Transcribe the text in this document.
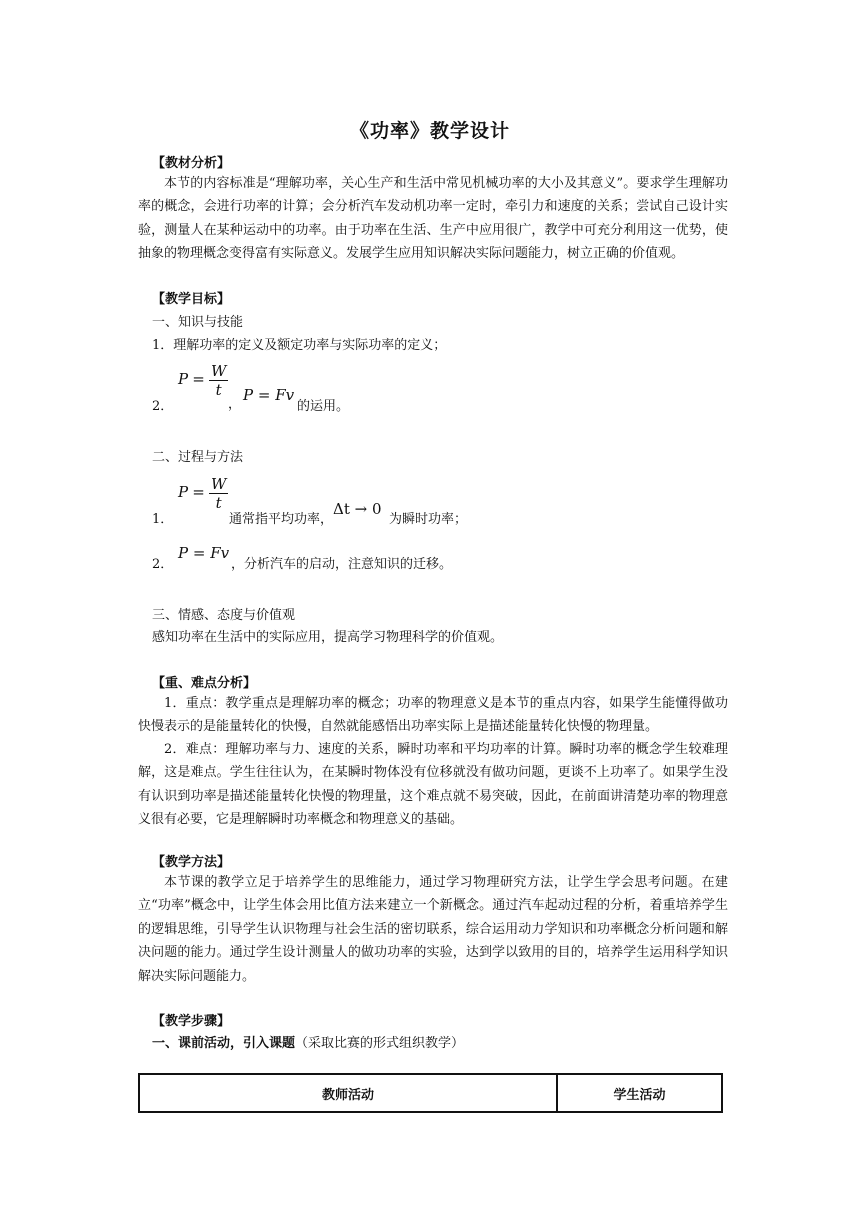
《功率》教学设计
【教材分析】
本节的内容标准是“理解功率，关心生产和生活中常见机械功率的大小及其意义”。要求学生理解功率的概念，会进行功率的计算；会分析汽车发动机功率一定时，牵引力和速度的关系；尝试自己设计实验，测量人在某种运动中的功率。由于功率在生活、生产中应用很广，教学中可充分利用这一优势，使抽象的物理概念变得富有实际意义。发展学生应用知识解决实际问题能力，树立正确的价值观。
【教学目标】
一、知识与技能
1．理解功率的定义及额定功率与实际功率的定义；
2．
$P = \frac{W}{t}$
，
P = Fv
的运用。
二、过程与方法
1．
$P = \frac{W}{t}$
通常指平均功率，
Δt → 0
为瞬时功率；
2．
P = Fv
，分析汽车的启动，注意知识的迁移。
三、情感、态度与价值观
感知功率在生活中的实际应用，提高学习物理科学的价值观。
【重、难点分析】
1．重点：教学重点是理解功率的概念；功率的物理意义是本节的重点内容，如果学生能懂得做功快慢表示的是能量转化的快慢，自然就能感悟出功率实际上是描述能量转化快慢的物理量。
2．难点：理解功率与力、速度的关系，瞬时功率和平均功率的计算。瞬时功率的概念学生较难理解，这是难点。学生往往认为，在某瞬时物体没有位移就没有做功问题，更谈不上功率了。如果学生没有认识到功率是描述能量转化快慢的物理量，这个难点就不易突破，因此，在前面讲清楚功率的物理意义很有必要，它是理解瞬时功率概念和物理意义的基础。
【教学方法】
本节课的教学立足于培养学生的思维能力，通过学习物理研究方法，让学生学会思考问题。在建立“功率”概念中，让学生体会用比值方法来建立一个新概念。通过汽车起动过程的分析，着重培养学生的逻辑思维，引导学生认识物理与社会生活的密切联系，综合运用动力学知识和功率概念分析问题和解决问题的能力。通过学生设计测量人的做功功率的实验，达到学以致用的目的，培养学生运用科学知识解决实际问题能力。
【教学步骤】
一、课前活动，引入课题（采取比赛的形式组织教学）
教师活动	学生活动
